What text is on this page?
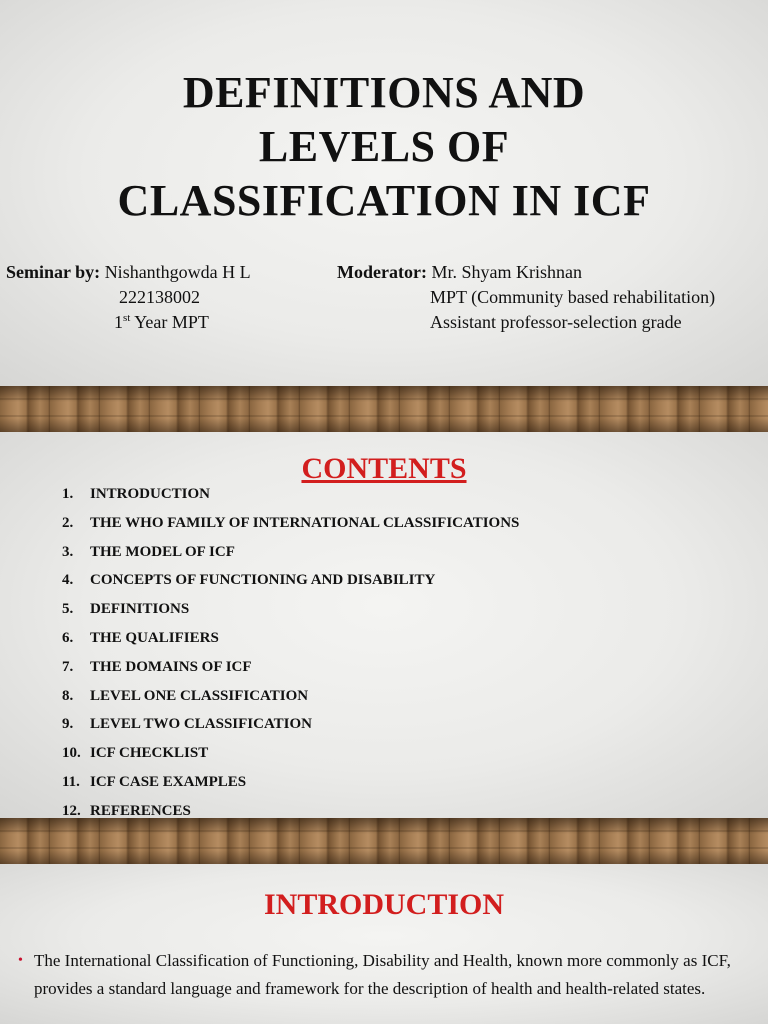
DEFINITIONS AND LEVELS OF CLASSIFICATION IN ICF
Seminar by: Nishanthgowda H L
222138002
1st Year MPT
Moderator: Mr. Shyam Krishnan
MPT (Community based rehabilitation)
Assistant professor-selection grade
CONTENTS
1.	INTRODUCTION
2.	THE WHO FAMILY OF INTERNATIONAL CLASSIFICATIONS
3.	THE MODEL OF ICF
4.	CONCEPTS OF FUNCTIONING AND DISABILITY
5.	DEFINITIONS
6.	THE QUALIFIERS
7.	THE DOMAINS OF ICF
8.	LEVEL ONE CLASSIFICATION
9.	LEVEL TWO CLASSIFICATION
10. ICF CHECKLIST
11. ICF CASE EXAMPLES
12. REFERENCES
INTRODUCTION
• The International Classification of Functioning, Disability and Health, known more commonly as ICF, provides a standard language and framework for the description of health and health-related states.
